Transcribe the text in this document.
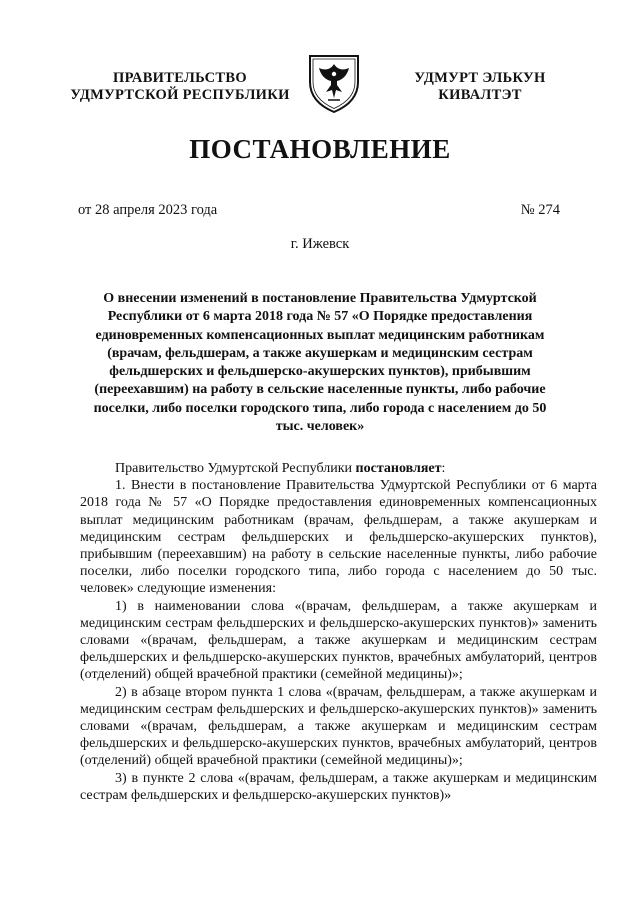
ПРАВИТЕЛЬСТВО
УДМУРТСКОЙ РЕСПУБЛИКИ
УДМУРТ ЭЛЬКУН
КИВАЛТЭТ
ПОСТАНОВЛЕНИЕ
от 28 апреля 2023 года	№ 274
г. Ижевск
О внесении изменений в постановление Правительства Удмуртской Республики от 6 марта 2018 года № 57 «О Порядке предоставления единовременных компенсационных выплат медицинским работникам (врачам, фельдшерам, а также акушеркам и медицинским сестрам фельдшерских и фельдшерско-акушерских пунктов), прибывшим (переехавшим) на работу в сельские населенные пункты, либо рабочие поселки, либо поселки городского типа, либо города с населением до 50 тыс. человек»

Правительство Удмуртской Республики постановляет:

1. Внести в постановление Правительства Удмуртской Республики от 6 марта 2018 года № 57 «О Порядке предоставления единовременных компенсационных выплат медицинским работникам (врачам, фельдшерам, а также акушеркам и медицинским сестрам фельдшерских и фельдшерско-акушерских пунктов), прибывшим (переехавшим) на работу в сельские населенные пункты, либо рабочие поселки, либо поселки городского типа, либо города с населением до 50 тыс. человек» следующие изменения:

1) в наименовании слова «(врачам, фельдшерам, а также акушеркам и медицинским сестрам фельдшерских и фельдшерско-акушерских пунктов)» заменить словами «(врачам, фельдшерам, а также акушеркам и медицинским сестрам фельдшерских и фельдшерско-акушерских пунктов, врачебных амбулаторий, центров (отделений) общей врачебной практики (семейной медицины)»;

2) в абзаце втором пункта 1 слова «(врачам, фельдшерам, а также акушеркам и медицинским сестрам фельдшерских и фельдшерско-акушерских пунктов)» заменить словами «(врачам, фельдшерам, а также акушеркам и медицинским сестрам фельдшерских и фельдшерско-акушерских пунктов, врачебных амбулаторий, центров (отделений) общей врачебной практики (семейной медицины)»;

3) в пункте 2 слова «(врачам, фельдшерам, а также акушеркам и медицинским сестрам фельдшерских и фельдшерско-акушерских пунктов)»
